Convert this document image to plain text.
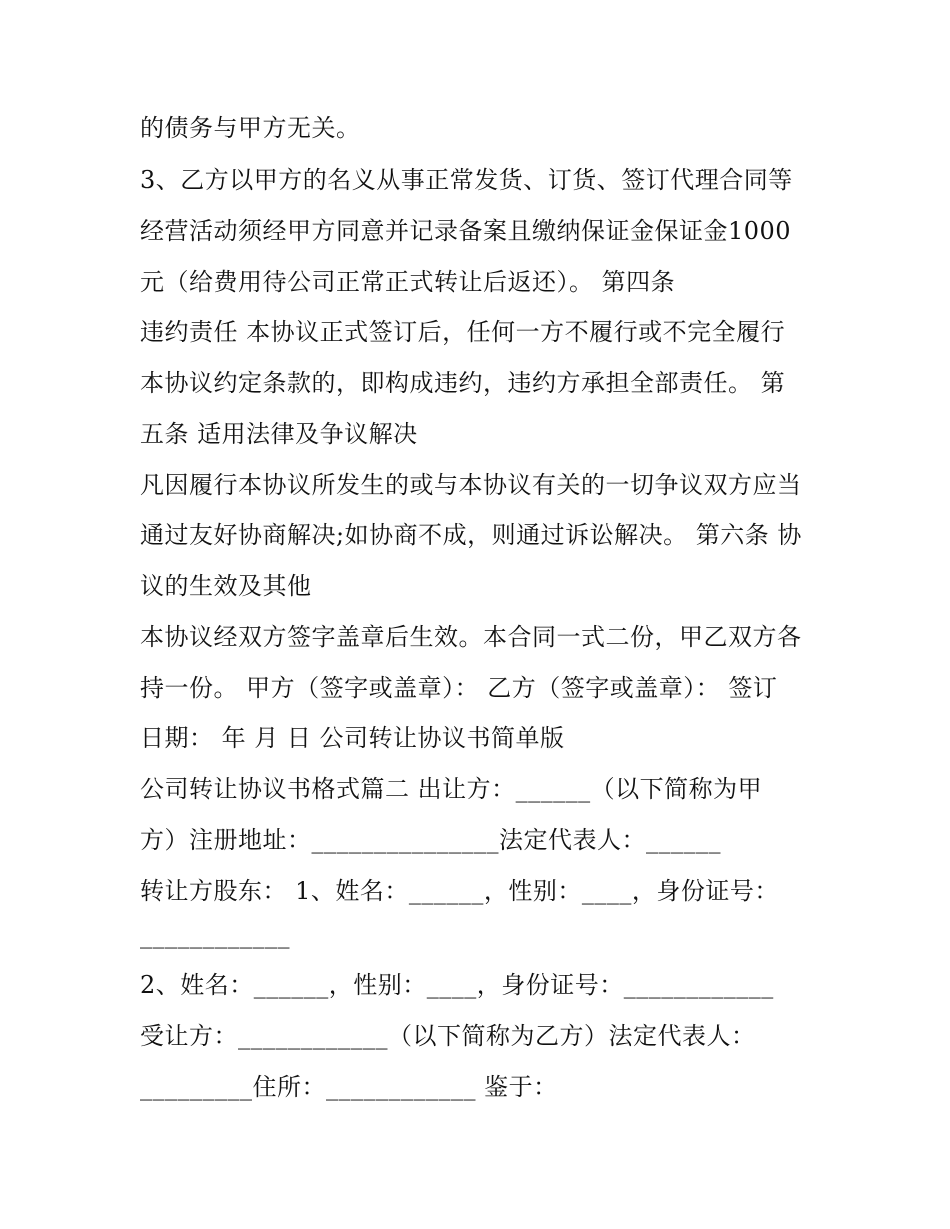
的债务与甲方无关。
3、乙方以甲方的名义从事正常发货、订货、签订代理合同等
经营活动须经甲方同意并记录备案且缴纳保证金保证金1000
元（给费用待公司正常正式转让后返还）。 第四条
违约责任 本协议正式签订后，任何一方不履行或不完全履行
本协议约定条款的，即构成违约，违约方承担全部责任。 第
五条 适用法律及争议解决
凡因履行本协议所发生的或与本协议有关的一切争议双方应当
通过友好协商解决;如协商不成，则通过诉讼解决。 第六条 协
议的生效及其他
本协议经双方签字盖章后生效。本合同一式二份，甲乙双方各
持一份。 甲方（签字或盖章）： 乙方（签字或盖章）： 签订
日期： 年 月 日 公司转让协议书简单版
公司转让协议书格式篇二 出让方：______（以下简称为甲
方）注册地址：_______________法定代表人：______
转让方股东： 1、姓名：______，性别：____，身份证号：
____________
2、姓名：______，性别：____，身份证号：____________
受让方：____________（以下简称为乙方）法定代表人：
_________住所：____________ 鉴于：
